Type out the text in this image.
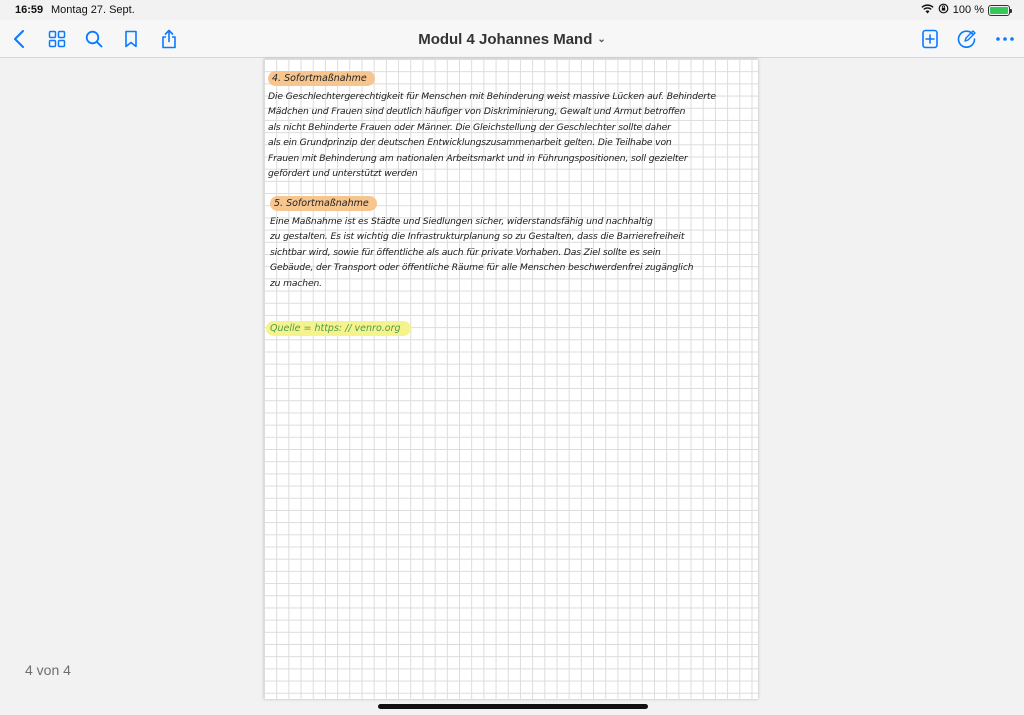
16:59 Montag 27. Sept.	100 %
Modul 4 Johannes Mand ⌄
4. Sofortmaßnahme
Die Geschlechtergerechtigkeit für Menschen mit Behinderung weist massive Lücken auf. Behinderte
Mädchen und Frauen sind deutlich häufiger von Diskriminierung, Gewalt und Armut betroffen
als nicht Behinderte Frauen oder Männer. Die Gleichstellung der Geschlechter sollte daher
als ein Grundprinzip der deutschen Entwicklungszusammenarbeit gelten. Die Teilhabe von
Frauen mit Behinderung am nationalen Arbeitsmarkt und in Führungspositionen, soll gezielter
gefördert und unterstützt werden
5. Sofortmaßnahme
Eine Maßnahme ist es Städte und Siedlungen sicher, widerstandsfähig und nachhaltig
zu gestalten. Es ist wichtig die Infrastrukturplanung so zu Gestalten, dass die Barrierefreiheit
sichtbar wird, sowie für öffentliche als auch für private Vorhaben. Das Ziel sollte es sein
Gebäude, der Transport oder öffentliche Räume für alle Menschen beschwerdenfrei zugänglich
zu machen.
Quelle = https: // venro.org
4 von 4
